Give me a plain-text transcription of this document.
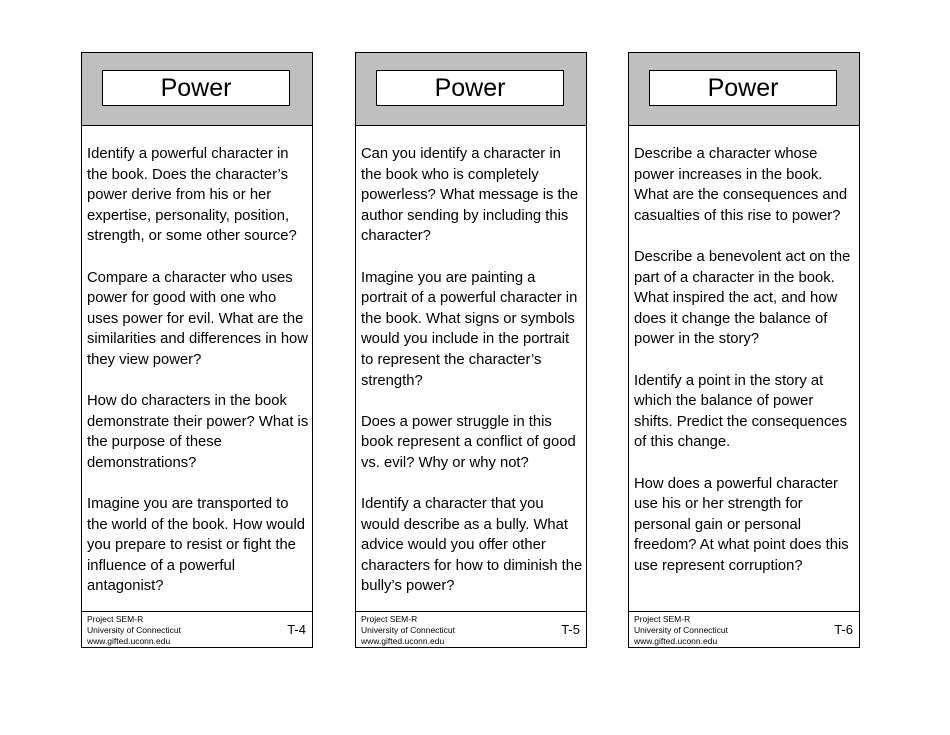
Power

Identify a powerful character in the book. Does the character’s power derive from his or her expertise, personality, position, strength, or some other source?

Compare a character who uses power for good with one who uses power for evil. What are the similarities and differences in how they view power?

How do characters in the book demonstrate their power? What is the purpose of these demonstrations?

Imagine you are transported to the world of the book. How would you prepare to resist or fight the influence of a powerful antagonist?

Project SEM-R
University of Connecticut
www.gifted.uconn.edu
T-4
Power

Can you identify a character in the book who is completely powerless? What message is the author sending by including this character?

Imagine you are painting a portrait of a powerful character in the book. What signs or symbols would you include in the portrait to represent the character’s strength?

Does a power struggle in this book represent a conflict of good vs. evil? Why or why not?

Identify a character that you would describe as a bully. What advice would you offer other characters for how to diminish the bully’s power?

Project SEM-R
University of Connecticut
www.gifted.uconn.edu
T-5
Power

Describe a character whose power increases in the book. What are the consequences and casualties of this rise to power?

Describe a benevolent act on the part of a character in the book. What inspired the act, and how does it change the balance of power in the story?

Identify a point in the story at which the balance of power shifts. Predict the consequences of this change.

How does a powerful character use his or her strength for personal gain or personal freedom? At what point does this use represent corruption?

Project SEM-R
University of Connecticut
www.gifted.uconn.edu
T-6
